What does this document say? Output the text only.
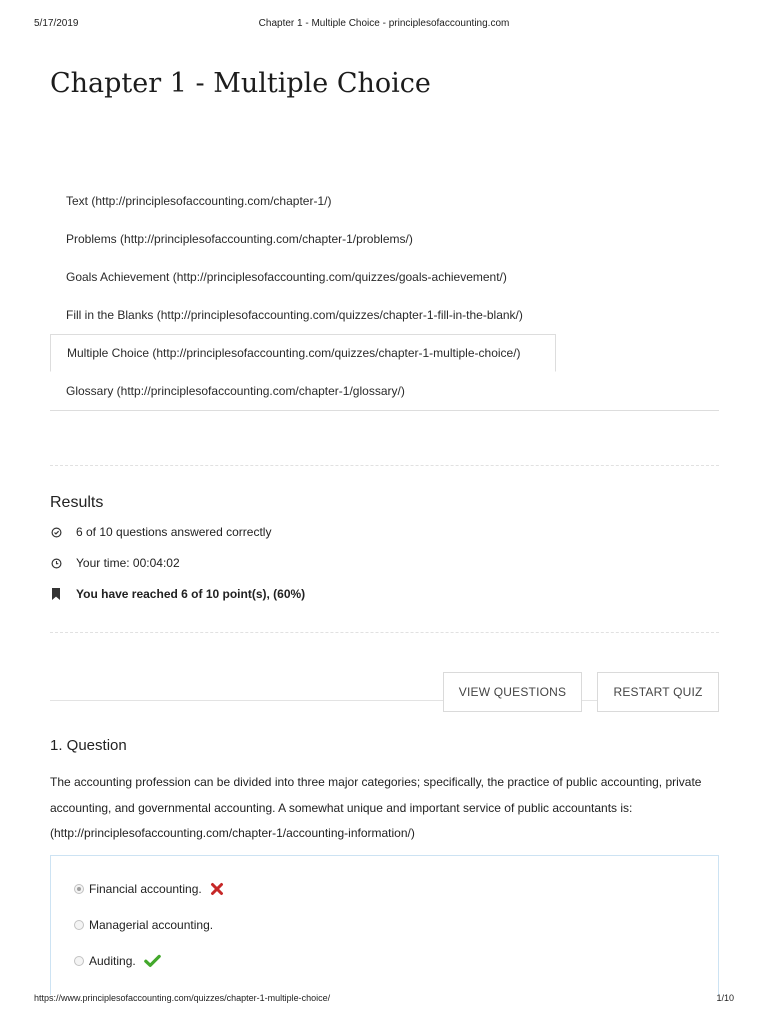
5/17/2019	Chapter 1 - Multiple Choice - principlesofaccounting.com
Chapter 1 - Multiple Choice
Text (http://principlesofaccounting.com/chapter-1/)
Problems (http://principlesofaccounting.com/chapter-1/problems/)
Goals Achievement (http://principlesofaccounting.com/quizzes/goals-achievement/)
Fill in the Blanks (http://principlesofaccounting.com/quizzes/chapter-1-fill-in-the-blank/)
Multiple Choice (http://principlesofaccounting.com/quizzes/chapter-1-multiple-choice/)
Glossary (http://principlesofaccounting.com/chapter-1/glossary/)
Results
6 of 10 questions answered correctly
Your time: 00:04:02
You have reached 6 of 10 point(s), (60%)
VIEW QUESTIONS	RESTART QUIZ
1. Question

The accounting profession can be divided into three major categories; specifically, the practice of public accounting, private accounting, and governmental accounting. A somewhat unique and important service of public accountants is: (http://principlesofaccounting.com/chapter-1/accounting-information/)

Financial accounting.
Managerial accounting.
Auditing.
https://www.principlesofaccounting.com/quizzes/chapter-1-multiple-choice/	1/10
